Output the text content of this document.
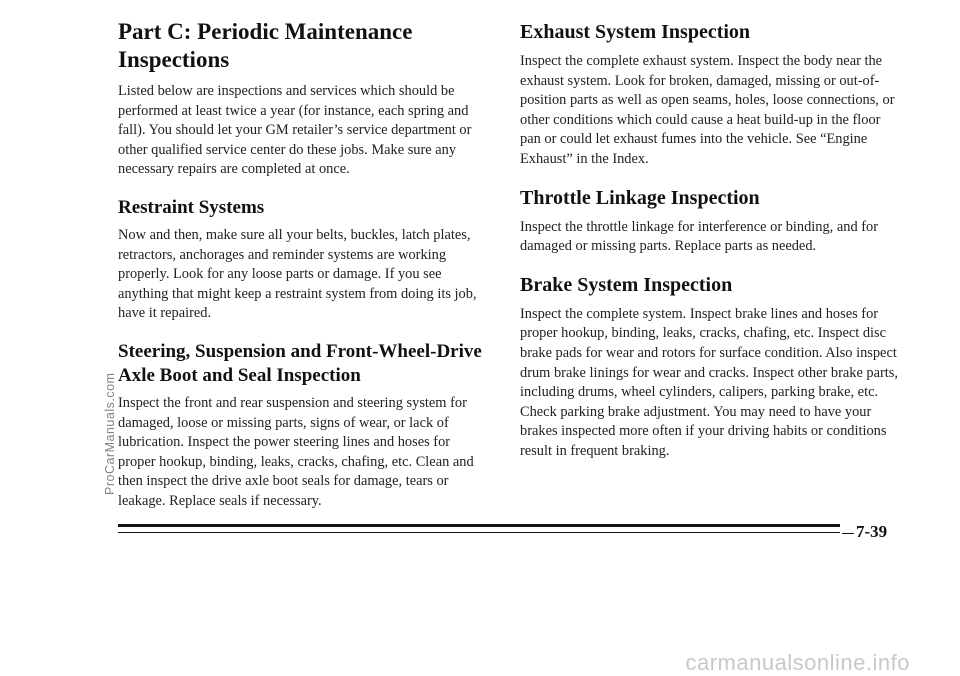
Part C: Periodic Maintenance Inspections

Listed below are inspections and services which should be performed at least twice a year (for instance, each spring and fall). You should let your GM retailer’s service department or other qualified service center do these jobs. Make sure any necessary repairs are completed at once.

Restraint Systems

Now and then, make sure all your belts, buckles, latch plates, retractors, anchorages and reminder systems are working properly. Look for any loose parts or damage. If you see anything that might keep a restraint system from doing its job, have it repaired.

Steering, Suspension and Front-Wheel-Drive Axle Boot and Seal Inspection

Inspect the front and rear suspension and steering system for damaged, loose or missing parts, signs of wear, or lack of lubrication. Inspect the power steering lines and hoses for proper hookup, binding, leaks, cracks, chafing, etc. Clean and then inspect the drive axle boot seals for damage, tears or leakage. Replace seals if necessary.

Exhaust System Inspection

Inspect the complete exhaust system. Inspect the body near the exhaust system. Look for broken, damaged, missing or out-of-position parts as well as open seams, holes, loose connections, or other conditions which could cause a heat build-up in the floor pan or could let exhaust fumes into the vehicle. See “Engine Exhaust” in the Index.

Throttle Linkage Inspection

Inspect the throttle linkage for interference or binding, and for damaged or missing parts. Replace parts as needed.

Brake System Inspection

Inspect the complete system. Inspect brake lines and hoses for proper hookup, binding, leaks, cracks, chafing, etc. Inspect disc brake pads for wear and rotors for surface condition. Also inspect drum brake linings for wear and cracks. Inspect other brake parts, including drums, wheel cylinders, calipers, parking brake, etc. Check parking brake adjustment. You may need to have your brakes inspected more often if your driving habits or conditions result in frequent braking.

7-39
ProCarManuals.com
carmanualsonline.info
